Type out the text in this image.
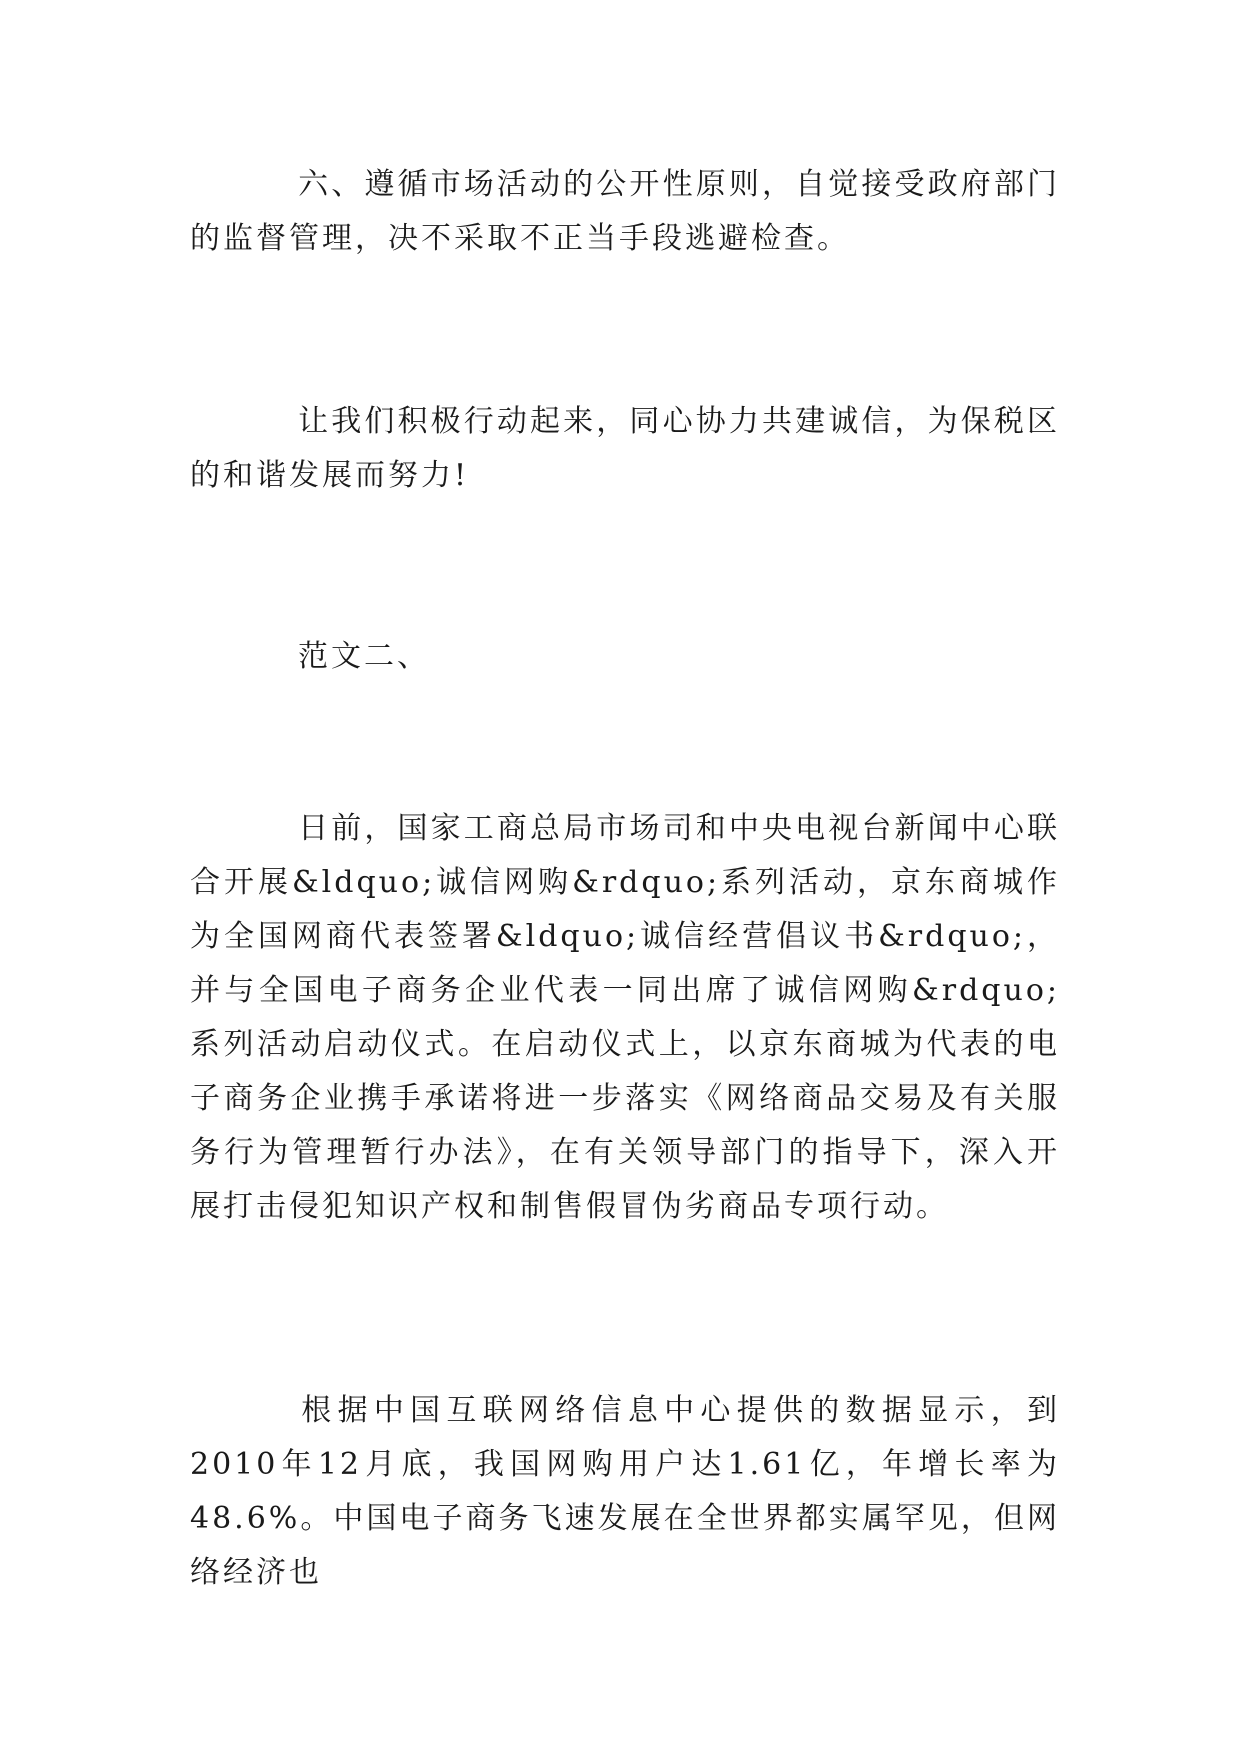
六、遵循市场活动的公开性原则，自觉接受政府部门的监督管理，决不采取不正当手段逃避检查。

让我们积极行动起来，同心协力共建诚信，为保税区的和谐发展而努力!

范文二、

日前，国家工商总局市场司和中央电视台新闻中心联合开展&ldquo;诚信网购&rdquo;系列活动，京东商城作为全国网商代表签署&ldquo;诚信经营倡议书&rdquo;，并与全国电子商务企业代表一同出席了诚信网购&rdquo;系列活动启动仪式。在启动仪式上，以京东商城为代表的电子商务企业携手承诺将进一步落实《网络商品交易及有关服务行为管理暂行办法》，在有关领导部门的指导下，深入开展打击侵犯知识产权和制售假冒伪劣商品专项行动。

根据中国互联网络信息中心提供的数据显示，到2010年12月底，我国网购用户达1.61亿，年增长率为48.6%。中国电子商务飞速发展在全世界都实属罕见，但网络经济也
